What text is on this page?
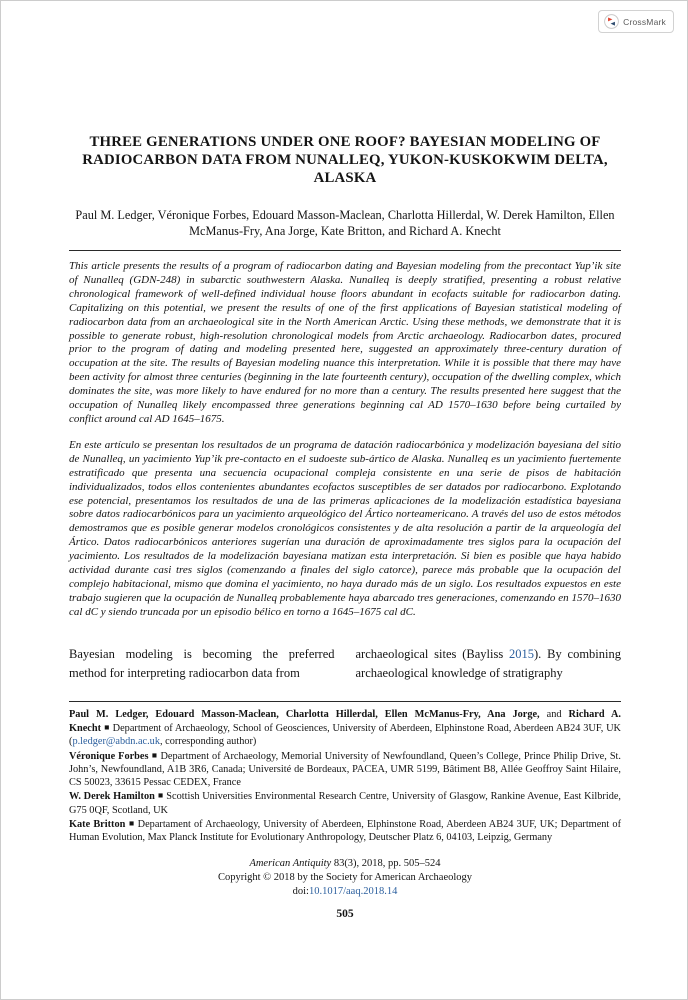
CrossMark
THREE GENERATIONS UNDER ONE ROOF? BAYESIAN MODELING OF RADIOCARBON DATA FROM NUNALLEQ, YUKON-KUSKOKWIM DELTA, ALASKA

Paul M. Ledger, Véronique Forbes, Edouard Masson-Maclean, Charlotta Hillerdal, W. Derek Hamilton, Ellen McManus-Fry, Ana Jorge, Kate Britton, and Richard A. Knecht

This article presents the results of a program of radiocarbon dating and Bayesian modeling from the precontact Yup’ik site of Nunalleq (GDN-248) in subarctic southwestern Alaska. Nunalleq is deeply stratified, presenting a robust relative chronological framework of well-defined individual house floors abundant in ecofacts suitable for radiocarbon dating. Capitalizing on this potential, we present the results of one of the first applications of Bayesian statistical modeling of radiocarbon data from an archaeological site in the North American Arctic. Using these methods, we demonstrate that it is possible to generate robust, high-resolution chronological models from Arctic archaeology. Radiocarbon dates, procured prior to the program of dating and modeling presented here, suggested an approximately three-century duration of occupation at the site. The results of Bayesian modeling nuance this interpretation. While it is possible that there may have been activity for almost three centuries (beginning in the late fourteenth century), occupation of the dwelling complex, which dominates the site, was more likely to have endured for no more than a century. The results presented here suggest that the occupation of Nunalleq likely encompassed three generations beginning cal AD 1570–1630 before being curtailed by conflict around cal AD 1645–1675.

En este artículo se presentan los resultados de un programa de datación radiocarbónica y modelización bayesiana del sitio de Nunalleq, un yacimiento Yup’ik pre-contacto en el sudoeste sub-ártico de Alaska. Nunalleq es un yacimiento fuertemente estratificado que presenta una secuencia ocupacional compleja consistente en una serie de pisos de habitación individualizados, todos ellos contenientes abundantes ecofactos susceptibles de ser datados por radiocarbono. Explotando ese potencial, presentamos los resultados de una de las primeras aplicaciones de la modelización estadística bayesiana sobre datos radiocarbónicos para un yacimiento arqueológico del Ártico norteamericano. A través del uso de estos métodos demostramos que es posible generar modelos cronológicos consistentes y de alta resolución a partir de la arqueología del Ártico. Datos radiocarbónicos anteriores sugerían una duración de aproximadamente tres siglos para la ocupación del yacimiento. Los resultados de la modelización bayesiana matizan esta interpretación. Si bien es posible que haya habido actividad durante casi tres siglos (comenzando a finales del siglo catorce), parece más probable que la ocupación del complejo habitacional, mismo que domina el yacimiento, no haya durado más de un siglo. Los resultados expuestos en este trabajo sugieren que la ocupación de Nunalleq probablemente haya abarcado tres generaciones, comenzando en 1570–1630 cal dC y siendo truncada por un episodio bélico en torno a 1645–1675 cal dC.

Bayesian modeling is becoming the preferred method for interpreting radiocarbon data from

archaeological sites (Bayliss 2015). By combining archaeological knowledge of stratigraphy

Paul M. Ledger, Edouard Masson-Maclean, Charlotta Hillerdal, Ellen McManus-Fry, Ana Jorge, and Richard A. Knecht ■ Department of Archaeology, School of Geosciences, University of Aberdeen, Elphinstone Road, Aberdeen AB24 3UF, UK (p.ledger@abdn.ac.uk, corresponding author)

Véronique Forbes ■ Department of Archaeology, Memorial University of Newfoundland, Queen’s College, Prince Philip Drive, St. John’s, Newfoundland, A1B 3R6, Canada; Université de Bordeaux, PACEA, UMR 5199, Bâtiment B8, Allée Geoffroy Saint Hilaire, CS 50023, 33615 Pessac CEDEX, France

W. Derek Hamilton ■ Scottish Universities Environmental Research Centre, University of Glasgow, Rankine Avenue, East Kilbride, G75 0QF, Scotland, UK

Kate Britton ■ Departament of Archaeology, University of Aberdeen, Elphinstone Road, Aberdeen AB24 3UF, UK; Department of Human Evolution, Max Planck Institute for Evolutionary Anthropology, Deutscher Platz 6, 04103, Leipzig, Germany

American Antiquity 83(3), 2018, pp. 505–524

Copyright © 2018 by the Society for American Archaeology

doi:10.1017/aaq.2018.14

505
